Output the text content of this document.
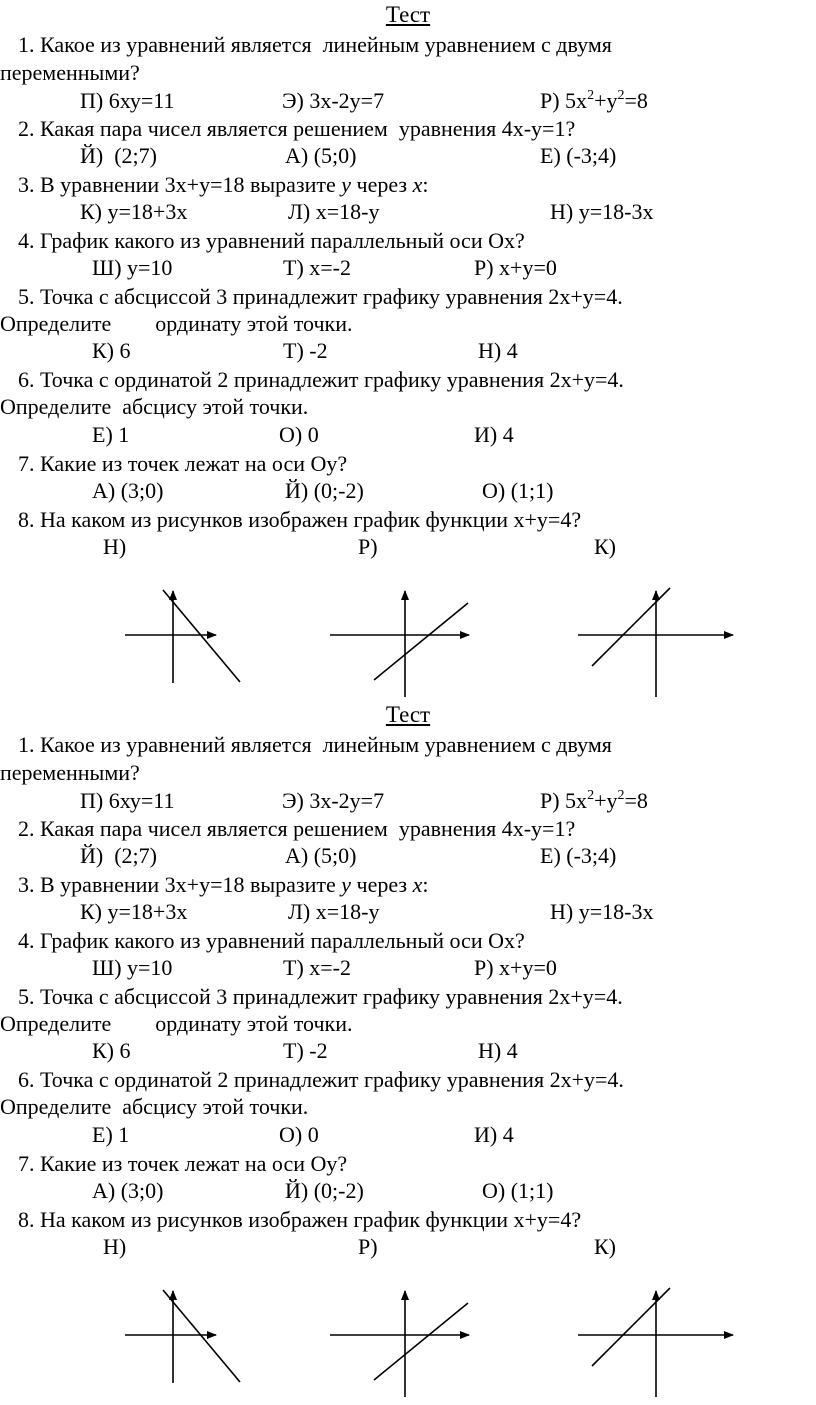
Тест
1. Какое из уравнений является  линейным уравнением с двумя
переменными?
П) 6ху=11	Э) 3х-2у=7	Р) $5х^2+у^2=8$
2. Какая пара чисел является решением  уравнения 4х-у=1?
Й)  (2;7)	А) (5;0)	Е) (-3;4)
3. В уравнении 3х+у=18 выразите у через х:
К) у=18+3х	Л) х=18-у	Н) у=18-3х
4. График какого из уравнений параллельный оси Ох?
Ш) у=10	Т) х=-2	Р) х+у=0
5. Точка с абсциссой 3 принадлежит графику уравнения 2х+у=4.
Определите        ординату этой точки.
К) 6	Т) -2	Н) 4
6. Точка с ординатой 2 принадлежит графику уравнения 2х+у=4.
Определите  абсцису этой точки.
Е) 1	О) 0	И) 4
7. Какие из точек лежат на оси Оу?
А) (3;0)	Й) (0;-2)	О) (1;1)
8. На каком из рисунков изображен график функции х+у=4?
Н)	Р)	К)
Тест
1. Какое из уравнений является  линейным уравнением с двумя
переменными?
П) 6ху=11	Э) 3х-2у=7	Р) $5х^2+у^2=8$
2. Какая пара чисел является решением  уравнения 4х-у=1?
Й)  (2;7)	А) (5;0)	Е) (-3;4)
3. В уравнении 3х+у=18 выразите у через х:
К) у=18+3х	Л) х=18-у	Н) у=18-3х
4. График какого из уравнений параллельный оси Ох?
Ш) у=10	Т) х=-2	Р) х+у=0
5. Точка с абсциссой 3 принадлежит графику уравнения 2х+у=4.
Определите        ординату этой точки.
К) 6	Т) -2	Н) 4
6. Точка с ординатой 2 принадлежит графику уравнения 2х+у=4.
Определите  абсцису этой точки.
Е) 1	О) 0	И) 4
7. Какие из точек лежат на оси Оу?
А) (3;0)	Й) (0;-2)	О) (1;1)
8. На каком из рисунков изображен график функции х+у=4?
Н)	Р)	К)
